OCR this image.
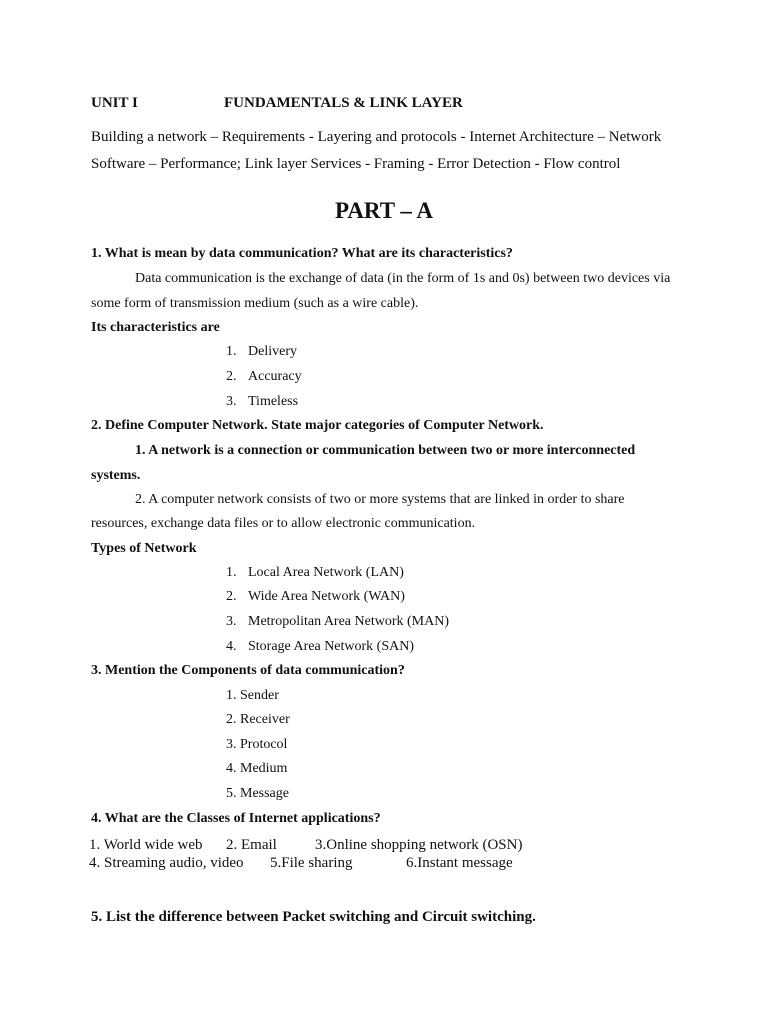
UNIT I	FUNDAMENTALS & LINK LAYER
Building a network – Requirements - Layering and protocols - Internet Architecture – Network
Software – Performance; Link layer Services - Framing - Error Detection - Flow control
PART – A
1. What is mean by data communication? What are its characteristics?
Data communication is the exchange of data (in the form of 1s and 0s) between two devices via
some form of transmission medium (such as a wire cable).
Its characteristics are
1. Delivery
2. Accuracy
3. Timeless
2. Define Computer Network. State major categories of Computer Network.
1. A network is a connection or communication between two or more interconnected
systems.
2. A computer network consists of two or more systems that are linked in order to share
resources, exchange data files or to allow electronic communication.
Types of Network
1. Local Area Network (LAN)
2. Wide Area Network (WAN)
3. Metropolitan Area Network (MAN)
4. Storage Area Network (SAN)
3. Mention the Components of data communication?
1. Sender
2. Receiver
3. Protocol
4. Medium
5. Message
4. What are the Classes of Internet applications?
1. World wide web 2. Email	3.Online shopping network (OSN)
4. Streaming audio, video 5.File sharing	6.Instant message
5. List the difference between Packet switching and Circuit switching.
